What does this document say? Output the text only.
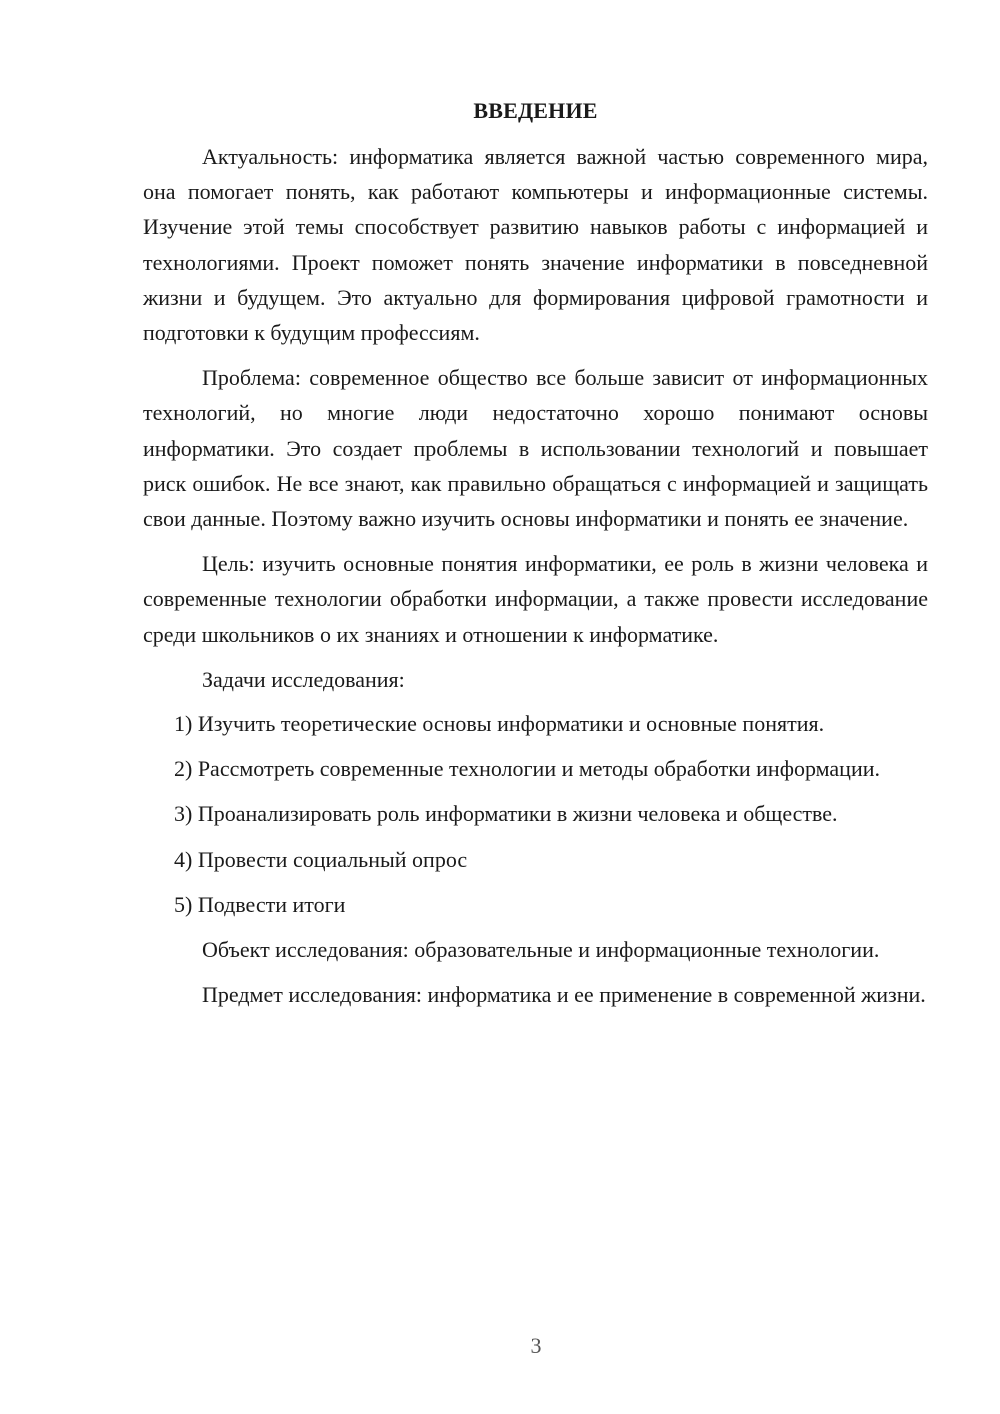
ВВЕДЕНИЕ

Актуальность: информатика является важной частью современного мира, она помогает понять, как работают компьютеры и информационные системы. Изучение этой темы способствует развитию навыков работы с информацией и технологиями. Проект поможет понять значение информатики в повседневной жизни и будущем. Это актуально для формирования цифровой грамотности и подготовки к будущим профессиям.

Проблема: современное общество все больше зависит от информационных технологий, но многие люди недостаточно хорошо понимают основы информатики. Это создает проблемы в использовании технологий и повышает риск ошибок. Не все знают, как правильно обращаться с информацией и защищать свои данные. Поэтому важно изучить основы информатики и понять ее значение.

Цель: изучить основные понятия информатики, ее роль в жизни человека и современные технологии обработки информации, а также провести исследование среди школьников о их знаниях и отношении к информатике.

Задачи исследования:

1) Изучить теоретические основы информатики и основные понятия.

2) Рассмотреть современные технологии и методы обработки информации.

3) Проанализировать роль информатики в жизни человека и обществе.

4) Провести социальный опрос

5) Подвести итоги

Объект исследования: образовательные и информационные технологии.

Предмет исследования: информатика и ее применение в современной жизни.

3
